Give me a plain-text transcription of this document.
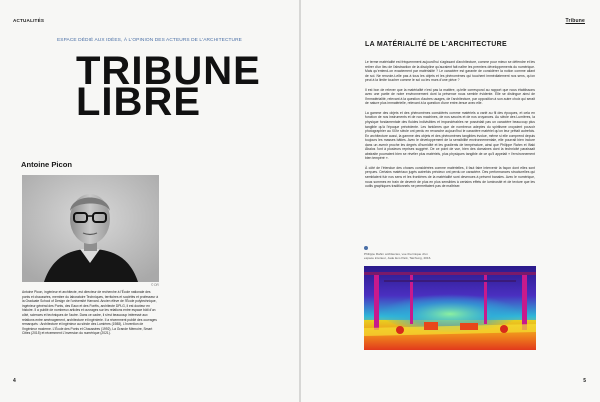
ACTUALITÉS
ESPACE DÉDIÉ AUX IDÉES, À L'OPINION DES ACTEURS DE L'ARCHITECTURE
TRIBUNE
LIBRE
Antoine Picon
© DR
Antoine Picon, ingénieur et architecte, est directeur de recherche à l'École nationale des ponts et chaussées, membre du laboratoire Techniques, territoires et sociétés et professeur à la Graduate School of Design de l'université Harvard. Ancien élève de l'École polytechnique, ingénieur général des Ponts, des Eaux et des Forêts, architecte DPLG, il est docteur en histoire. Il a publié de nombreux articles et ouvrages sur les relations entre espace bâti d'un côté, sciences et techniques de l'autre. Dans ce cadre, il s'est beaucoup intéressé aux relations entre aménagement, architecture et ingénierie. Il a récemment publié des ouvrages remarqués : Architecture et ingénieur au siècle des Lumières (1988), L'invention de l'ingénieur moderne. L'École des Ponts et Chaussées (1992), La Grande Mémoire, Smart Cities (2015) et récemment L'inversion du numérique (2021).
4
Tribune
5
LA MATÉRIALITÉ DE L'ARCHITECTURE

Le terme matérialité est fréquemment aujourd'hui s'agissant d'architecture, comme pour mieux se défendre et les retirer d'un lieu de l'abstraction de la discipline qu'auraient fait naître les premiers développements du numérique. Mais qu'entend-on exactement par matérialité ? Le caractère est garante de considérer la notion comme allant de soi. Ne renvoie-t-elle pas à tous les objets et les phénomènes qui touchent immédiatement nos sens, qu'on peut à la limite toucher comme le sol ou les murs d'une pièce ?

Il est bon de relever que la matérialité n'est pas la matière, qu'elle correspond au rapport que nous établissons avec une partie de notre environnement dont la présence nous semble évidente. Elle se distingue ainsi de l'immatérialité, relevant à la question d'autres usages, de l'architecture, par opposition à son autre choix qui serait de nature plus immatérielle, relevant à la question d'une entre-tenue avec elle.

La gamme des objets et des phénomènes considérés comme matériels a varié au fil des époques, et cela en fonction de nos instruments et de nos machines, de nos savoirs et de nos croyances. Au siècle des Lumières, la physique fondamentale des fluides indivisibles et impondérables ne possédait pas un caractère beaucoup plus tangible qu'à l'époque précédente. Les fantômes que de nombreux adeptes du spiritisme croyaient pouvoir photographier au XIXe siècle ont perdu en revanche aujourd'hui le caractère matériel qu'on leur prêtait autrefois. En architecture aussi, la gamme des objets et des phénomènes tangibles évolue, même si elle comprend depuis toujours les masses bâties. Avec le développement de la sensibilité environnementale, elle pourrait bien inclure dans un avenir proche les degrés d'humidité et les gradients de température, ainsi que Philippe Rahm et Iñaki Ábalos l'ont à plusieurs reprises suggéré. De ce point de vue, bien des domaines dont la technicité paraissait abstraite pourraient bien se révéler plus matériels, plus physiques tangible de ce qu'il appelait « l'environnement bien tempéré ».

À côté de l'étendue des choses considérées comme matérielles, il faut faire intervenir la façon dont elles sont perçues. Certains matériaux jugés autrefois précieux ont perdu ce caractère. Des performances structurelles qui semblaient fuir nos sens et les frontières de la matérialité sont devenues à présent banales. Avec le numérique, nous sommes en train de devenir de plus en plus sensibles à certains effets de luminosité et de texture que les outils graphiques traditionnels ne permettaient pas de maîtriser.

Philippe Rahm architectes, vue thermique d'un espace intérieur, Jade Eco Park, Taichung, 2016.
